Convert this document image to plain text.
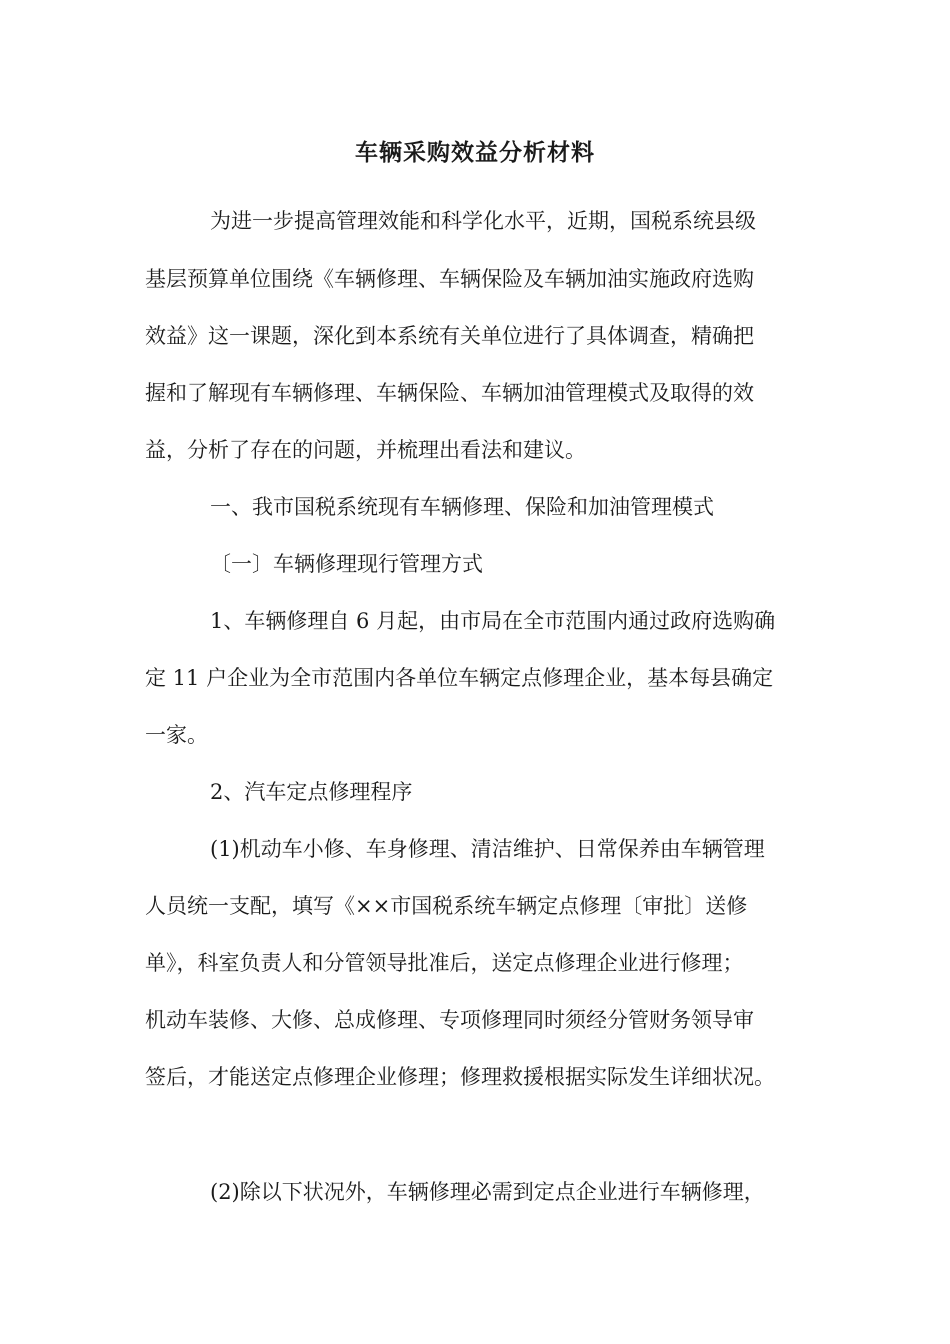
车辆采购效益分析材料

为进一步提高管理效能和科学化水平，近期，国税系统县级

基层预算单位围绕《车辆修理、车辆保险及车辆加油实施政府选购

效益》这一课题，深化到本系统有关单位进行了具体调查，精确把

握和了解现有车辆修理、车辆保险、车辆加油管理模式及取得的效

益，分析了存在的问题，并梳理出看法和建议。

一、我市国税系统现有车辆修理、保险和加油管理模式

〔一〕车辆修理现行管理方式

1、车辆修理自 6 月起，由市局在全市范围内通过政府选购确

定 11 户企业为全市范围内各单位车辆定点修理企业，基本每县确定

一家。

2、汽车定点修理程序

(1)机动车小修、车身修理、清洁维护、日常保养由车辆管理

人员统一支配，填写《××市国税系统车辆定点修理〔审批〕送修

单》，科室负责人和分管领导批准后，送定点修理企业进行修理；

机动车装修、大修、总成修理、专项修理同时须经分管财务领导审

签后，才能送定点修理企业修理；修理救援根据实际发生详细状况。

(2)除以下状况外，车辆修理必需到定点企业进行车辆修理，
